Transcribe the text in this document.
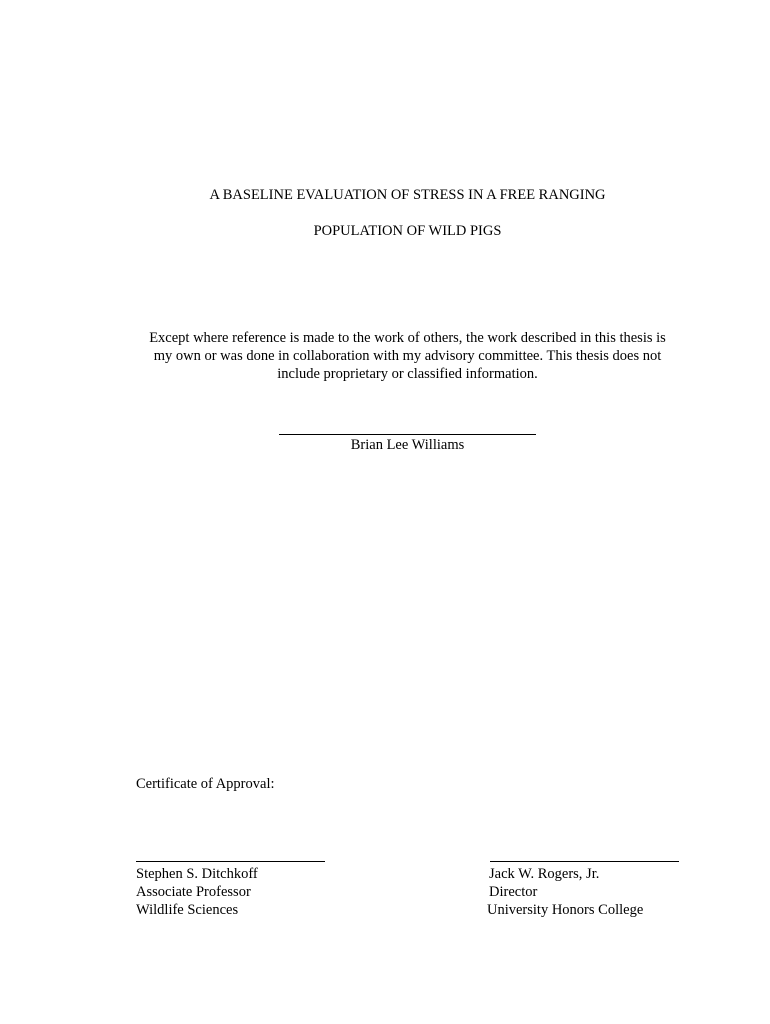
A BASELINE EVALUATION OF STRESS IN A FREE RANGING
POPULATION OF WILD PIGS
Except where reference is made to the work of others, the work described in this thesis is
my own or was done in collaboration with my advisory committee. This thesis does not
include proprietary or classified information.
Brian Lee Williams
Certificate of Approval:
Stephen S. Ditchkoff
Associate Professor
Wildlife Sciences
Jack W. Rogers, Jr.
Director
University Honors College
